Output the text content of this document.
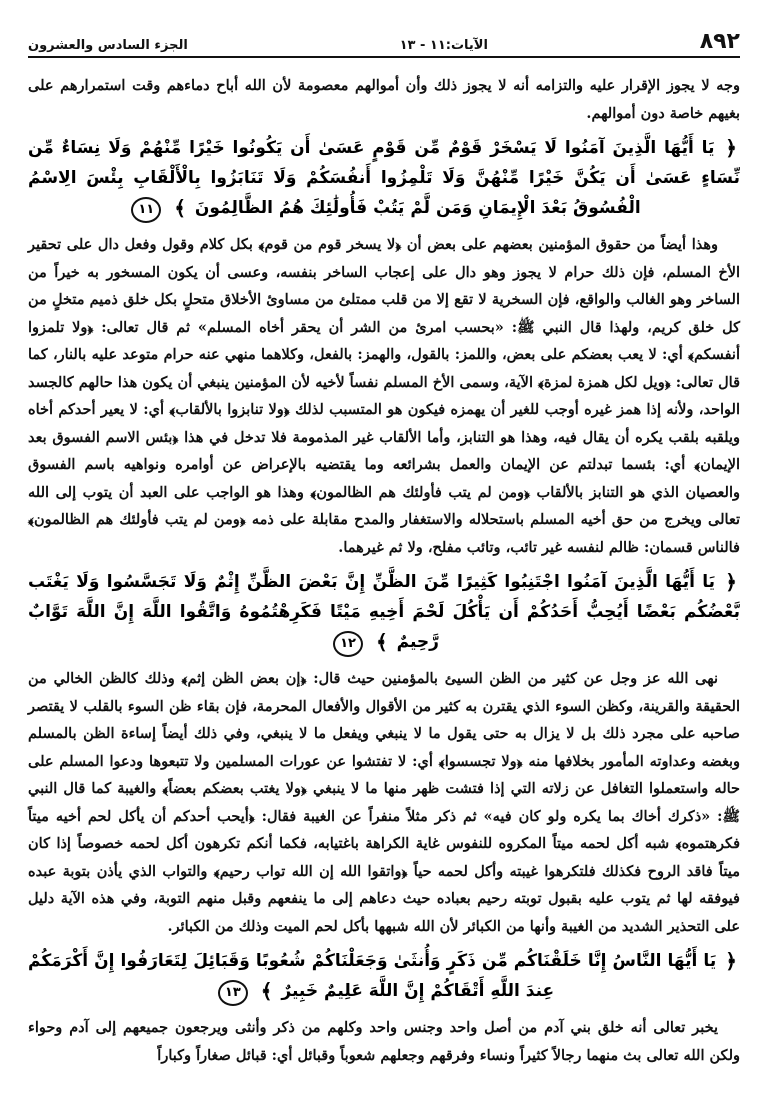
٨٩٢
الآيات:١١ - ١٣
الجزء السادس والعشرون

وجه لا يجوز الإقرار عليه والتزامه أنه لا يجوز ذلك وأن أموالهم معصومة لأن الله أباح دماءهم وقت استمرارهم على بغيهم خاصة دون أموالهم.

﴿ يَا أَيُّهَا الَّذِينَ آمَنُوا لَا يَسْخَرْ قَوْمٌ مِّن قَوْمٍ عَسَىٰ أَن يَكُونُوا خَيْرًا مِّنْهُمْ وَلَا نِسَاءٌ مِّن نِّسَاءٍ عَسَىٰ أَن يَكُنَّ خَيْرًا مِّنْهُنَّ وَلَا تَلْمِزُوا أَنفُسَكُمْ وَلَا تَنَابَزُوا بِالْأَلْقَابِ بِئْسَ الِاسْمُ الْفُسُوقُ بَعْدَ الْإِيمَانِ وَمَن لَّمْ يَتُبْ فَأُولَٰئِكَ هُمُ الظَّالِمُونَ ﴾ ١١

وهذا أيضاً من حقوق المؤمنين بعضهم على بعض أن ﴿لا يسخر قوم من قوم﴾ بكل كلام وقول وفعل دال على تحقير الأخ المسلم، فإن ذلك حرام لا يجوز وهو دال على إعجاب الساخر بنفسه، وعسى أن يكون المسخور به خيراً من الساخر وهو الغالب والواقع، فإن السخرية لا تقع إلا من قلب ممتلئ من مساوئ الأخلاق متحلٍ بكل خلق ذميم متخلٍ من كل خلق كريم، ولهذا قال النبي ﷺ: «بحسب امرئ من الشر أن يحقر أخاه المسلم» ثم قال تعالى: ﴿ولا تلمزوا أنفسكم﴾ أي: لا يعب بعضكم على بعض، واللمز: بالقول، والهمز: بالفعل، وكلاهما منهي عنه حرام متوعد عليه بالنار، كما قال تعالى: ﴿ويل لكل همزة لمزة﴾ الآية، وسمى الأخ المسلم نفساً لأخيه لأن المؤمنين ينبغي أن يكون هذا حالهم كالجسد الواحد، ولأنه إذا همز غيره أوجب للغير أن يهمزه فيكون هو المتسبب لذلك ﴿ولا تنابزوا بالألقاب﴾ أي: لا يعير أحدكم أخاه ويلقبه بلقب يكره أن يقال فيه، وهذا هو التنابز، وأما الألقاب غير المذمومة فلا تدخل في هذا ﴿بئس الاسم الفسوق بعد الإيمان﴾ أي: بئسما تبدلتم عن الإيمان والعمل بشرائعه وما يقتضيه بالإعراض عن أوامره ونواهيه باسم الفسوق والعصيان الذي هو التنابز بالألقاب ﴿ومن لم يتب فأولئك هم الظالمون﴾ وهذا هو الواجب على العبد أن يتوب إلى الله تعالى ويخرج من حق أخيه المسلم باستحلاله والاستغفار والمدح مقابلة على ذمه ﴿ومن لم يتب فأولئك هم الظالمون﴾ فالناس قسمان: ظالم لنفسه غير تائب، وتائب مفلح، ولا ثم غيرهما.

﴿ يَا أَيُّهَا الَّذِينَ آمَنُوا اجْتَنِبُوا كَثِيرًا مِّنَ الظَّنِّ إِنَّ بَعْضَ الظَّنِّ إِثْمٌ وَلَا تَجَسَّسُوا وَلَا يَغْتَب بَّعْضُكُم بَعْضًا أَيُحِبُّ أَحَدُكُمْ أَن يَأْكُلَ لَحْمَ أَخِيهِ مَيْتًا فَكَرِهْتُمُوهُ وَاتَّقُوا اللَّهَ إِنَّ اللَّهَ تَوَّابٌ رَّحِيمٌ ﴾ ١٢

نهى الله عز وجل عن كثير من الظن السيئ بالمؤمنين حيث قال: ﴿إن بعض الظن إثم﴾ وذلك كالظن الخالي من الحقيقة والقرينة، وكظن السوء الذي يقترن به كثير من الأقوال والأفعال المحرمة، فإن بقاء ظن السوء بالقلب لا يقتصر صاحبه على مجرد ذلك بل لا يزال به حتى يقول ما لا ينبغي ويفعل ما لا ينبغي، وفي ذلك أيضاً إساءة الظن بالمسلم وبغضه وعداوته المأمور بخلافها منه ﴿ولا تجسسوا﴾ أي: لا تفتشوا عن عورات المسلمين ولا تتبعوها ودعوا المسلم على حاله واستعملوا التغافل عن زلاته التي إذا فتشت ظهر منها ما لا ينبغي ﴿ولا يغتب بعضكم بعضاً﴾ والغيبة كما قال النبي ﷺ: «ذكرك أخاك بما يكره ولو كان فيه» ثم ذكر مثلاً منفراً عن الغيبة فقال: ﴿أيحب أحدكم أن يأكل لحم أخيه ميتاً فكرهتموه﴾ شبه أكل لحمه ميتاً المكروه للنفوس غاية الكراهة باغتيابه، فكما أنكم تكرهون أكل لحمه خصوصاً إذا كان ميتاً فاقد الروح فكذلك فلتكرهوا غيبته وأكل لحمه حياً ﴿واتقوا الله إن الله تواب رحيم﴾ والتواب الذي يأذن بتوبة عبده فيوفقه لها ثم يتوب عليه بقبول توبته رحيم بعباده حيث دعاهم إلى ما ينفعهم وقبل منهم التوبة، وفي هذه الآية دليل على التحذير الشديد من الغيبة وأنها من الكبائر لأن الله شبهها بأكل لحم الميت وذلك من الكبائر.

﴿ يَا أَيُّهَا النَّاسُ إِنَّا خَلَقْنَاكُم مِّن ذَكَرٍ وَأُنثَىٰ وَجَعَلْنَاكُمْ شُعُوبًا وَقَبَائِلَ لِتَعَارَفُوا إِنَّ أَكْرَمَكُمْ عِندَ اللَّهِ أَتْقَاكُمْ إِنَّ اللَّهَ عَلِيمٌ خَبِيرٌ ﴾ ١٣

يخبر تعالى أنه خلق بني آدم من أصل واحد وجنس واحد وكلهم من ذكر وأنثى ويرجعون جميعهم إلى آدم وحواء ولكن الله تعالى بث منهما رجالاً كثيراً ونساء وفرقهم وجعلهم شعوباً وقبائل أي: قبائل صغاراً وكباراً
